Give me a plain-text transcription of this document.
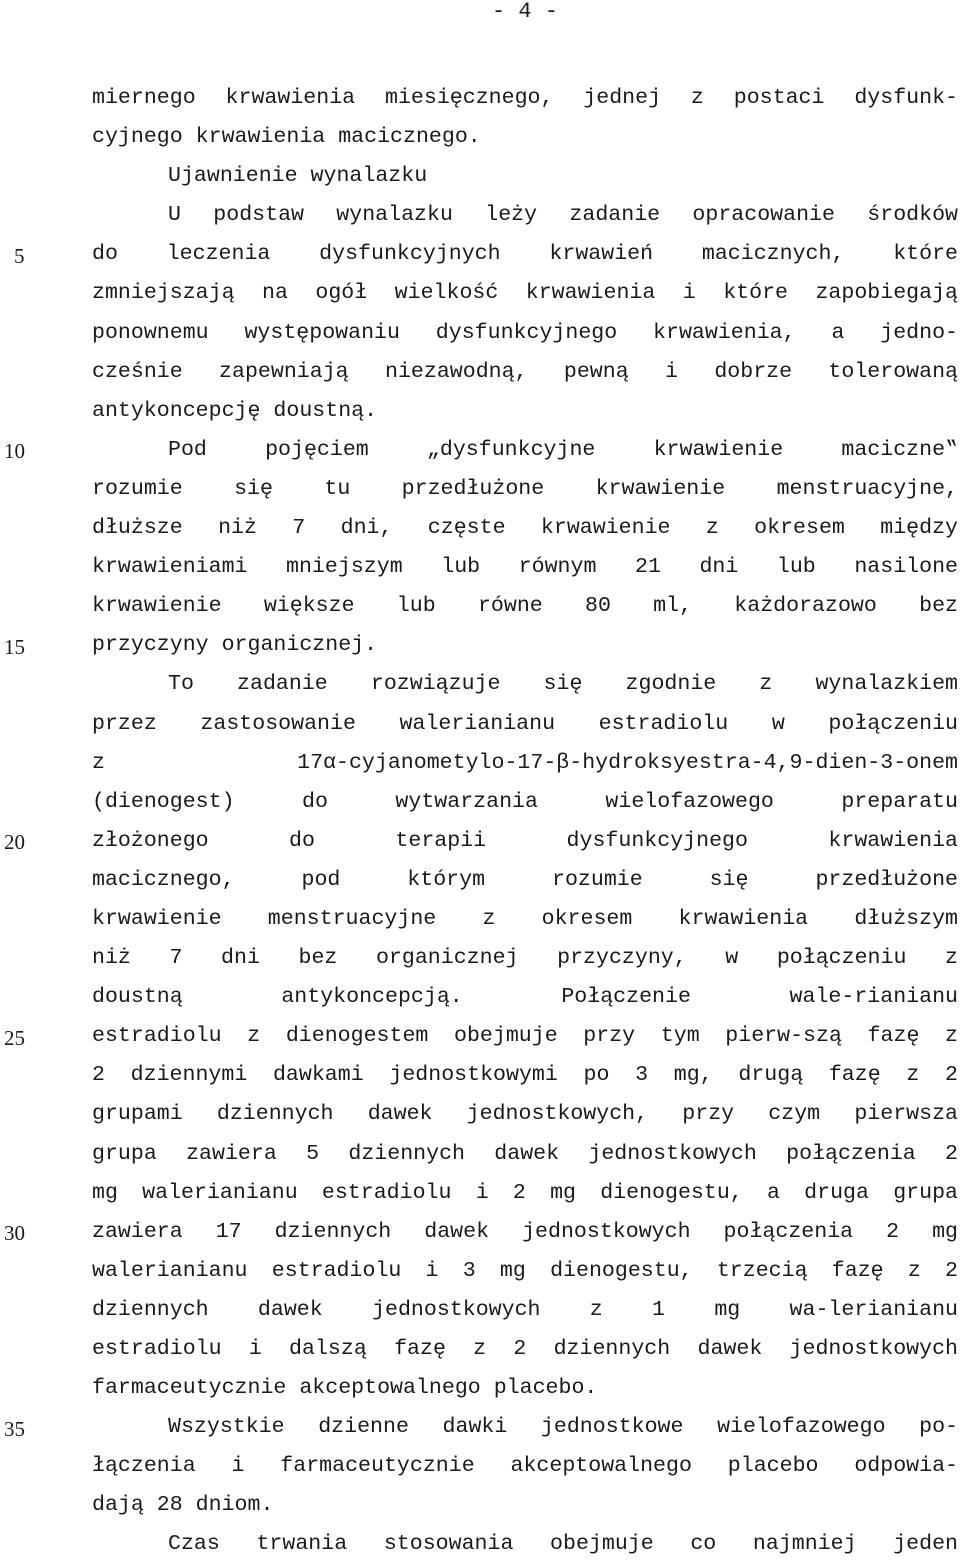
- 4 -
5
10
15
20
25
30
35
miernego krwawienia miesięcznego, jednej z postaci dysfunk-
cyjnego krwawienia macicznego.
Ujawnienie wynalazku
U podstaw wynalazku leży zadanie opracowanie środków
do leczenia dysfunkcyjnych krwawień macicznych, które
zmniejszają na ogół wielkość krwawienia i które zapobiegają
ponownemu występowaniu dysfunkcyjnego krwawienia, a jedno-
cześnie zapewniają niezawodną, pewną i dobrze tolerowaną
antykoncepcję doustną.
Pod pojęciem „dysfunkcyjne krwawienie maciczne‟
rozumie się tu przedłużone krwawienie menstruacyjne,
dłuższe niż 7 dni, częste krwawienie z okresem między
krwawieniami mniejszym lub równym 21 dni lub nasilone
krwawienie większe lub równe 80 ml, każdorazowo bez
przyczyny organicznej.
To zadanie rozwiązuje się zgodnie z wynalazkiem
przez zastosowanie walerianianu estradiolu w połączeniu
z 17α-cyjanometylo-17-β-hydroksyestra-4,9-dien-3-onem
(dienogest) do wytwarzania wielofazowego preparatu
złożonego do terapii dysfunkcyjnego krwawienia
macicznego, pod którym rozumie się przedłużone
krwawienie menstruacyjne z okresem krwawienia dłuższym
niż 7 dni bez organicznej przyczyny, w połączeniu z
doustną antykoncepcją. Połączenie wale-rianianu
estradiolu z dienogestem obejmuje przy tym pierw-szą fazę z
2 dziennymi dawkami jednostkowymi po 3 mg, drugą fazę z 2
grupami dziennych dawek jednostkowych, przy czym pierwsza
grupa zawiera 5 dziennych dawek jednostkowych połączenia 2
mg walerianianu estradiolu i 2 mg dienogestu, a druga grupa
zawiera 17 dziennych dawek jednostkowych połączenia 2 mg
walerianianu estradiolu i 3 mg dienogestu, trzecią fazę z 2
dziennych dawek jednostkowych z 1 mg wa-lerianianu
estradiolu i dalszą fazę z 2 dziennych dawek jednostkowych
farmaceutycznie akceptowalnego placebo.
Wszystkie dzienne dawki jednostkowe wielofazowego po-
łączenia i farmaceutycznie akceptowalnego placebo odpowia-
dają 28 dniom.
Czas trwania stosowania obejmuje co najmniej jeden
